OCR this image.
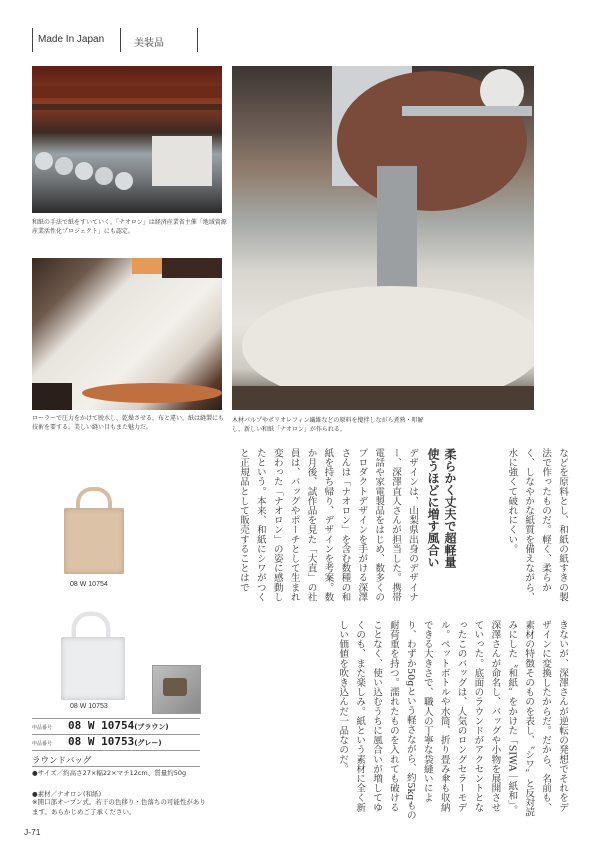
Made In Japan	美装品
和紙の手法で紙をすいていく。「ナオロン」は経済産業省主催「地域資源産業活性化プロジェクト」にも認定。
ローラーで圧力をかけて脱水し、乾燥させる。布と違い、紙は縫製にも技術を要する。美しい縫い目もまた魅力だ。
木材パルプやポリオレフィン繊維などの原料を攪拌しながら煮熟・叩解し、新しい和紙「ナオロン」が作られる。
などを原料とし、和紙の紙すきの製法で作ったものだ。軽く、柔らかく、しなやかな紙質を備えながら、水に強くて破れにくい。
柔らかく丈夫で超軽量
使うほどに増す風合い
デザインは、山梨県出身のデザイナー、深澤直人さんが担当した。携帯電話や家電製品をはじめ、数多くのプロダクトデザインを手がける深澤さんは「ナオロン」を含む数種の和紙を持ち帰り、デザインを考案。数か月後、試作品を見た「大直」の社員は、バッグやポーチとして生まれ変わった「ナオロン」の姿に感動したという。本来、和紙にシワがつくと正規品として販売することはで
きないが、深澤さんが逆転の発想でそれをデザインに変換したからだ。だから、名前も、素材の特徴そのものを表し、〝シワ〟と反対読みにした〝和紙〟をかけた「SIWA｜紙和」。深澤さんが命名し、バッグや小物を展開させていった。底面のラウンドがアクセントとなったこのバッグは、人気のロングセラーモデル。ペットボトルや水筒、折り畳み傘も収納できる大きさで、職人の丁寧な袋縫いにより、わずか50gという軽さながら、約5kgもの耐荷重を持つ。濡れたものを入れても破けることなく、使い込むうちに風合いが増してゆくのも、また楽しみ。紙という素材に全く新しい価値を吹き込んだ一品なのだ。
08 W 10754
08 W 10753
申品番号 08 W 10754(ブラウン)
申品番号 08 W 10753(グレー)
ラウンドバッグ
●サイズ／約高さ27×幅22×マチ12cm、質量約50g
●素材／ナオロン(和紙)
※開口部オープン式。若干の色移り・色落ちの可能性があります。あらかじめご了承ください。
J-71
